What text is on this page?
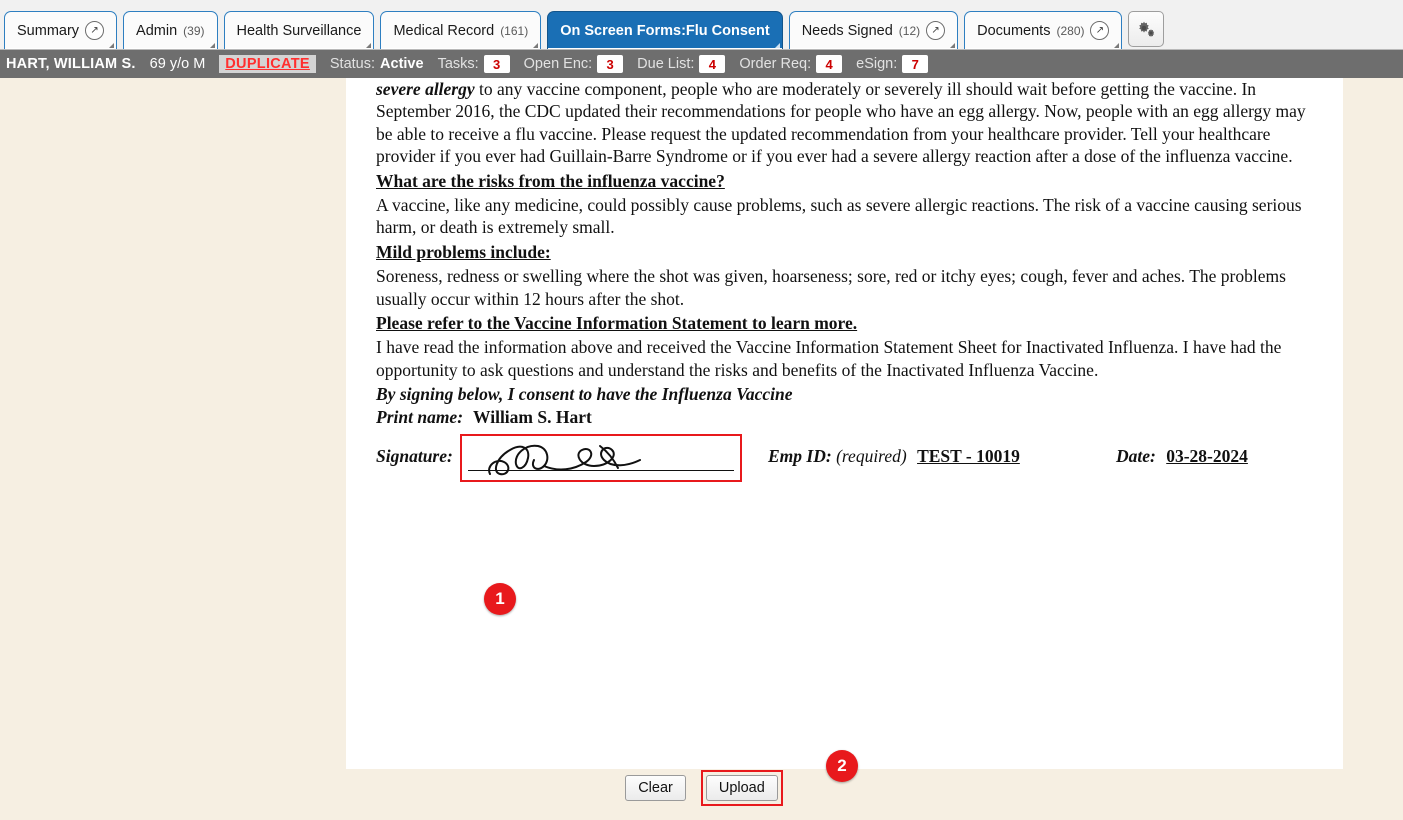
Summary	↗	Admin (39) Health Surveillance Medical Record (161) On Screen Forms:Flu Consent Needs Signed (12)	↗	Documents (280)	↗
HART, WILLIAM S. 69 y/o M	DUPLICATE	Status: Active Tasks:	3	Open Enc:	3	Due List:	4	Order Req:	4	eSign:	7

severe allergy to any vaccine component, people who are moderately or severely ill should wait before getting the vaccine. In September 2016, the CDC updated their recommendations for people who have an egg allergy. Now, people with an egg allergy may be able to receive a flu vaccine. Please request the updated recommendation from your healthcare provider. Tell your healthcare provider if you ever had Guillain-Barre Syndrome or if you ever had a severe allergy reaction after a dose of the influenza vaccine.

What are the risks from the influenza vaccine?

A vaccine, like any medicine, could possibly cause problems, such as severe allergic reactions. The risk of a vaccine causing serious harm, or death is extremely small.

Mild problems include:

Soreness, redness or swelling where the shot was given, hoarseness; sore, red or itchy eyes; cough, fever and aches. The problems usually occur within 12 hours after the shot.

Please refer to the Vaccine Information Statement to learn more.

I have read the information above and received the Vaccine Information Statement Sheet for Inactivated Influenza. I have had the opportunity to ask questions and understand the risks and benefits of the Inactivated Influenza Vaccine.

By signing below, I consent to have the Influenza Vaccine

Print name: William S. Hart
Signature:	Emp ID: (required) TEST - 10019	Date: 03-28-2024
1
2
Clear	Upload
